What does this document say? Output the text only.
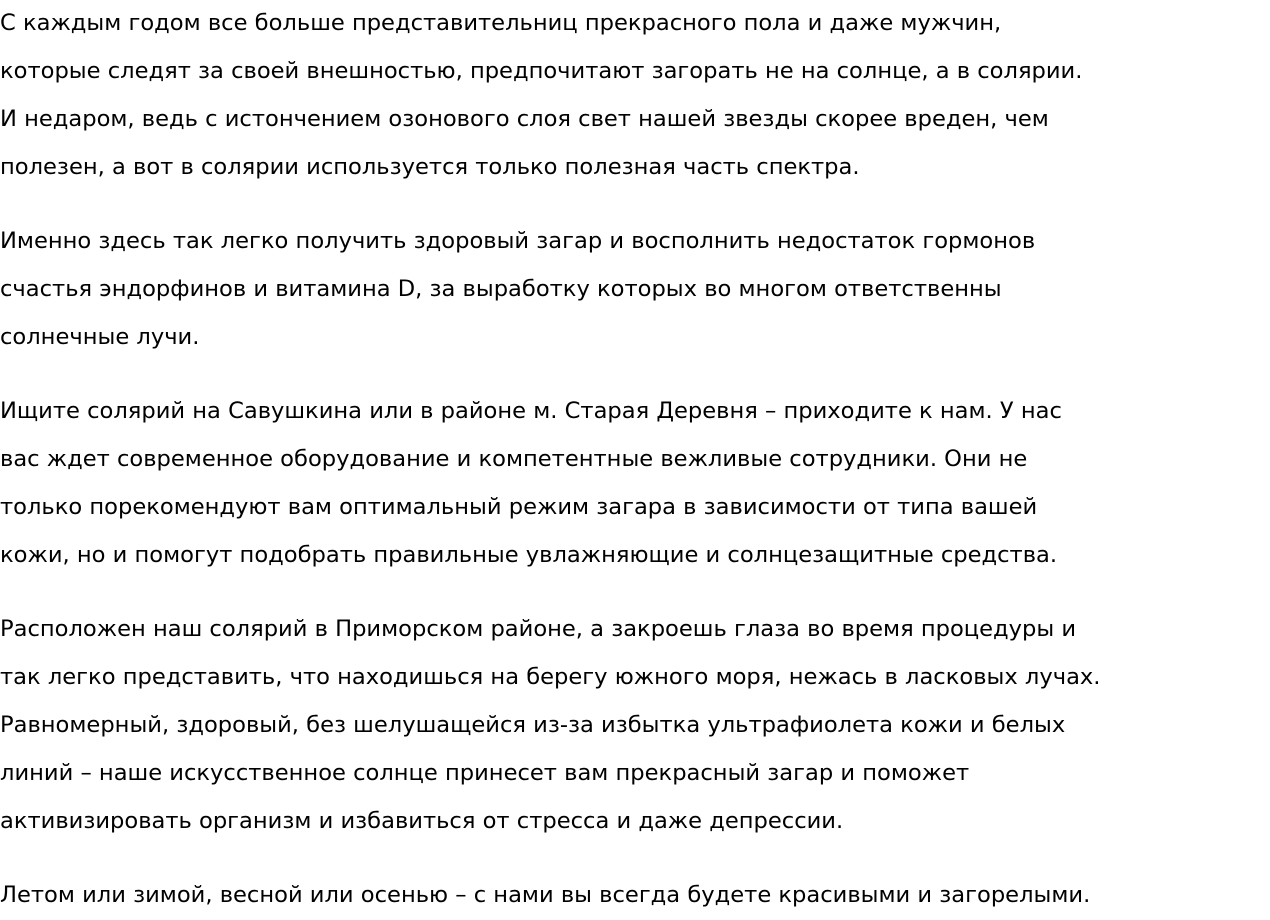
С каждым годом все больше представительниц прекрасного пола и даже мужчин,
которые следят за своей внешностью, предпочитают загорать не на солнце, а в солярии.
И недаром, ведь с истончением озонового слоя свет нашей звезды скорее вреден, чем
полезен, а вот в солярии используется только полезная часть спектра.

Именно здесь так легко получить здоровый загар и восполнить недостаток гормонов
счастья эндорфинов и витамина D, за выработку которых во многом ответственны
солнечные лучи.

Ищите солярий на Савушкина или в районе м. Старая Деревня – приходите к нам. У нас
вас ждет современное оборудование и компетентные вежливые сотрудники. Они не
только порекомендуют вам оптимальный режим загара в зависимости от типа вашей
кожи, но и помогут подобрать правильные увлажняющие и солнцезащитные средства.

Расположен наш солярий в Приморском районе, а закроешь глаза во время процедуры и
так легко представить, что находишься на берегу южного моря, нежась в ласковых лучах.
Равномерный, здоровый, без шелушащейся из-за избытка ультрафиолета кожи и белых
линий – наше искусственное солнце принесет вам прекрасный загар и поможет
активизировать организм и избавиться от стресса и даже депрессии.

Летом или зимой, весной или осенью – с нами вы всегда будете красивыми и загорелыми.
